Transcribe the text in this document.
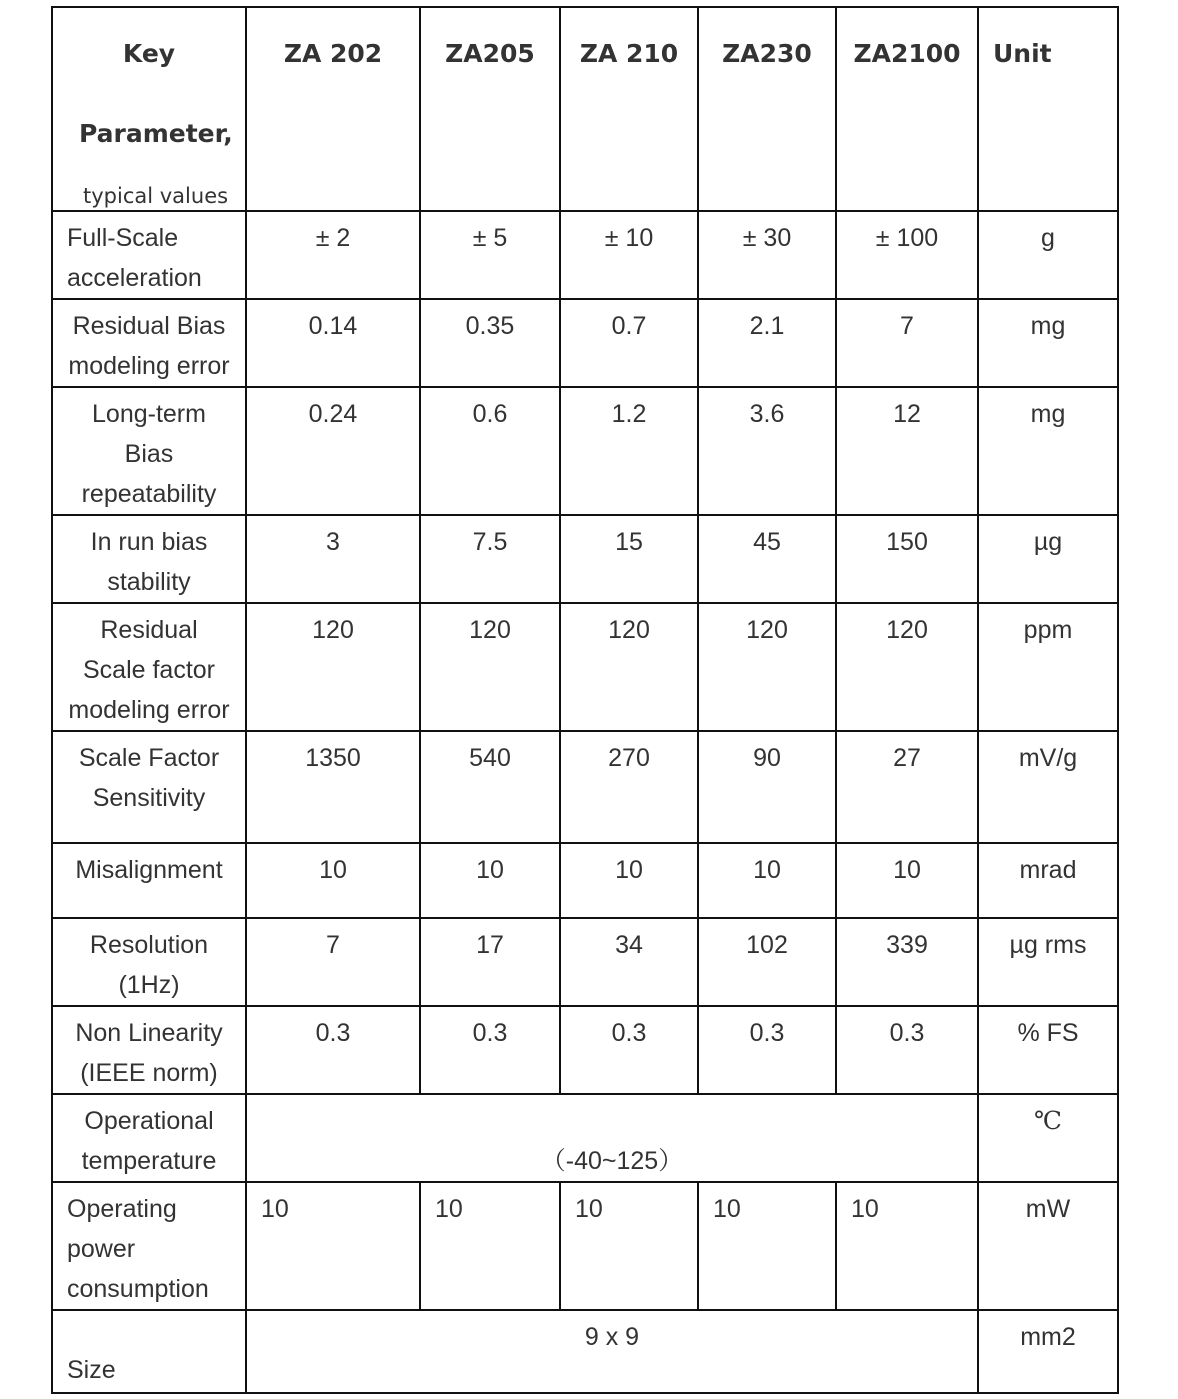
Key
Parameter,
typical values	ZA 202	ZA205	ZA 210	ZA230	ZA2100	Unit

Full-Scale
acceleration	± 2	± 5	± 10	± 30	± 100	g

Residual Bias
modeling error	0.14	0.35	0.7	2.1	7	mg

Long-term
Bias
repeatability	0.24	0.6	1.2	3.6	12	mg

In run bias
stability	3	7.5	15	45	150	µg

Residual
Scale factor
modeling error	120	120	120	120	120	ppm

Scale Factor
Sensitivity	1350	540	270	90	27	mV/g

Misalignment	10	10	10	10	10	mrad

Resolution
(1Hz)	7	17	34	102	339	µg rms

Non Linearity
(IEEE norm)	0.3	0.3	0.3	0.3	0.3	% FS

Operational
temperature	（-40~125）					℃

Operating
power
consumption	10	10	10	10	10	mW

Size	9 x 9					mm2
